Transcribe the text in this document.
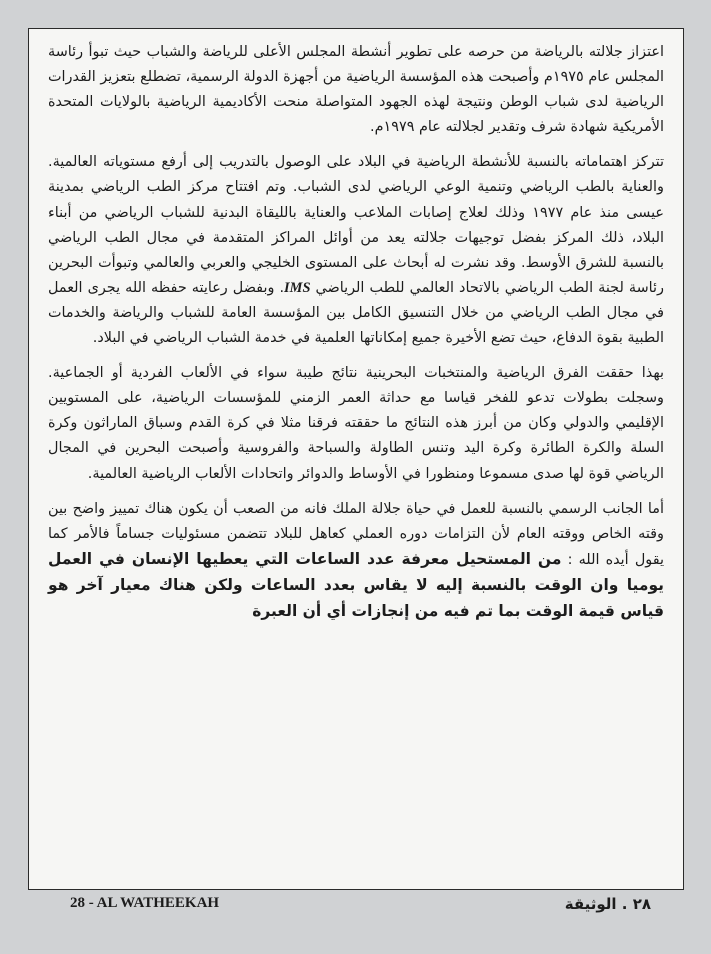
اعتزاز جلالته بالرياضة من حرصه على تطوير أنشطة المجلس الأعلى للرياضة والشباب حيث تبوأ رئاسة المجلس عام ١٩٧٥م وأصبحت هذه المؤسسة الرياضية من أجهزة الدولة الرسمية، تضطلع بتعزيز القدرات الرياضية لدى شباب الوطن ونتيجة لهذه الجهود المتواصلة منحت الأكاديمية الرياضية بالولايات المتحدة الأمريكية شهادة شرف وتقدير لجلالته عام ١٩٧٩م.

تتركز اهتماماته بالنسبة للأنشطة الرياضية في البلاد على الوصول بالتدريب إلى أرفع مستوياته العالمية. والعناية بالطب الرياضي وتنمية الوعي الرياضي لدى الشباب. وتم افتتاح مركز الطب الرياضي بمدينة عيسى منذ عام ١٩٧٧ وذلك لعلاج إصابات الملاعب والعناية بالليقاة البدنية للشباب الرياضي من أبناء البلاد، ذلك المركز بفضل توجيهات جلالته يعد من أوائل المراكز المتقدمة في مجال الطب الرياضي بالنسبة للشرق الأوسط. وقد نشرت له أبحاث على المستوى الخليجي والعربي والعالمي وتبوأت البحرين رئاسة لجنة الطب الرياضي بالاتحاد العالمي للطب الرياضي IMS. وبفضل رعايته حفظه الله يجرى العمل في مجال الطب الرياضي من خلال التنسيق الكامل بين المؤسسة العامة للشباب والرياضة والخدمات الطبية بقوة الدفاع، حيث تضع الأخيرة جميع إمكاناتها العلمية في خدمة الشباب الرياضي في البلاد.

بهذا حققت الفرق الرياضية والمنتخبات البحرينية نتائج طيبة سواء في الألعاب الفردية أو الجماعية. وسجلت بطولات تدعو للفخر قياسا مع حداثة العمر الزمني للمؤسسات الرياضية، على المستويين الإقليمي والدولي وكان من أبرز هذه النتائج ما حققته فرقنا مثلا في كرة القدم وسباق الماراثون وكرة السلة والكرة الطائرة وكرة اليد وتنس الطاولة والسباحة والفروسية وأصبحت البحرين في المجال الرياضي قوة لها صدى مسموعا ومنظورا في الأوساط والدوائر واتحادات الألعاب الرياضية العالمية.

أما الجانب الرسمي بالنسبة للعمل في حياة جلالة الملك فانه من الصعب أن يكون هناك تمييز واضح بين وقته الخاص ووقته العام لأن التزامات دوره العملي كعاهل للبلاد تتضمن مسئوليات جساماً فالأمر كما يقول أيده الله : من المستحيل معرفة عدد الساعات التي يعطيها الإنسان في العمل يوميا وان الوقت بالنسبة إليه لا يقاس بعدد الساعات ولكن هناك معيار آخر هو قياس قيمة الوقت بما تم فيه من إنجازات أي أن العبرة

28 - AL WATHEEKAH	٢٨ . الوثيقة
